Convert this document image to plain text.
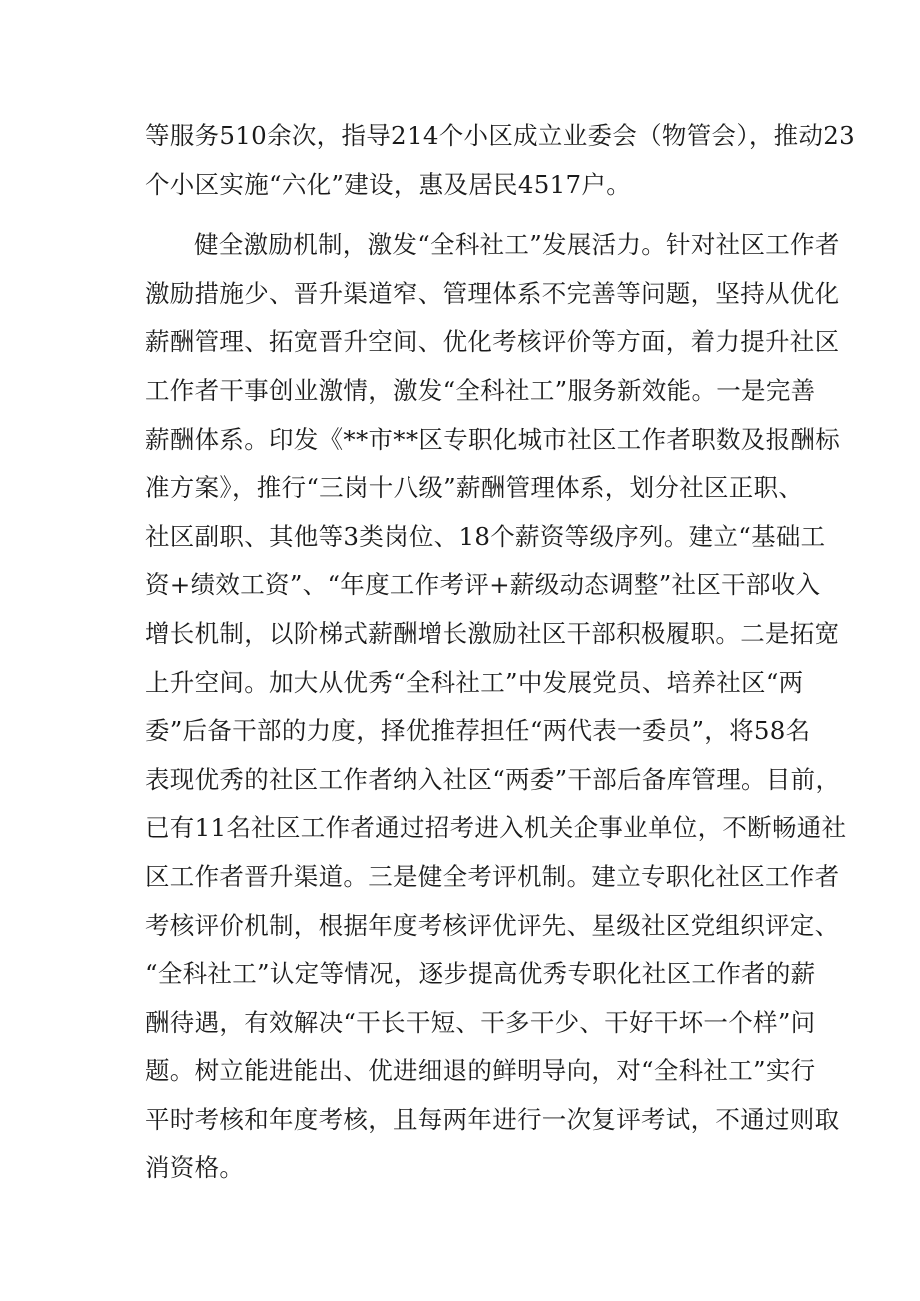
等服务510余次，指导214个小区成立业委会（物管会），推动23
个小区实施“六化”建设，惠及居民4517户。
健全激励机制，激发“全科社工”发展活力。针对社区工作者
激励措施少、晋升渠道窄、管理体系不完善等问题，坚持从优化
薪酬管理、拓宽晋升空间、优化考核评价等方面，着力提升社区
工作者干事创业激情，激发“全科社工”服务新效能。一是完善
薪酬体系。印发《**市**区专职化城市社区工作者职数及报酬标
准方案》，推行“三岗十八级”薪酬管理体系，划分社区正职、
社区副职、其他等3类岗位、18个薪资等级序列。建立“基础工
资+绩效工资”、“年度工作考评+薪级动态调整”社区干部收入
增长机制，以阶梯式薪酬增长激励社区干部积极履职。二是拓宽
上升空间。加大从优秀“全科社工”中发展党员、培养社区“两
委”后备干部的力度，择优推荐担任“两代表一委员”，将58名
表现优秀的社区工作者纳入社区“两委”干部后备库管理。目前，
已有11名社区工作者通过招考进入机关企事业单位，不断畅通社
区工作者晋升渠道。三是健全考评机制。建立专职化社区工作者
考核评价机制，根据年度考核评优评先、星级社区党组织评定、
“全科社工”认定等情况，逐步提高优秀专职化社区工作者的薪
酬待遇，有效解决“干长干短、干多干少、干好干坏一个样”问
题。树立能进能出、优进细退的鲜明导向，对“全科社工”实行
平时考核和年度考核，且每两年进行一次复评考试，不通过则取
消资格。
